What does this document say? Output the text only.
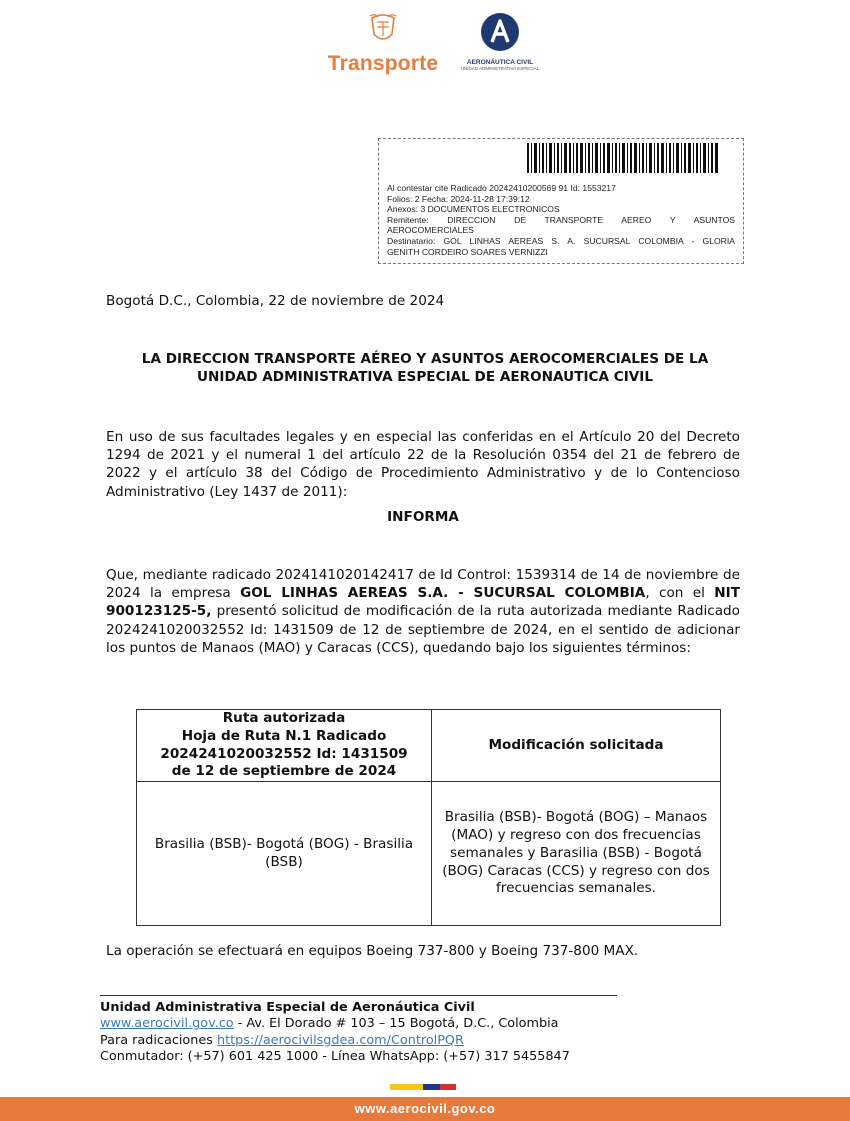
Transporte	AERONÁUTICA CIVIL
UNIDAD ADMINISTRATIVA ESPECIAL
Al contestar cite Radicado 20242410200569 91 Id: 1553217
Folios: 2 Fecha: 2024-11-28 17:39:12
Anexos: 3 DOCUMENTOS ELECTRONICOS
Remitente: DIRECCION DE TRANSPORTE AEREO Y ASUNTOS
AEROCOMERCIALES
Destinatario: GOL LINHAS AEREAS S. A. SUCURSAL COLOMBIA - GLORIA
GENITH CORDEIRO SOARES VERNIZZI
Bogotá D.C., Colombia, 22 de noviembre de 2024
LA DIRECCION TRANSPORTE AÉREO Y ASUNTOS AEROCOMERCIALES DE LA
UNIDAD ADMINISTRATIVA ESPECIAL DE AERONAUTICA CIVIL
En uso de sus facultades legales y en especial las conferidas en el Artículo 20 del Decreto 1294 de 2021 y el numeral 1 del artículo 22 de la Resolución 0354 del 21 de febrero de 2022 y el artículo 38 del Código de Procedimiento Administrativo y de lo Contencioso Administrativo (Ley 1437 de 2011):
INFORMA
Que, mediante radicado 2024141020142417 de Id Control: 1539314 de 14 de noviembre de 2024 la empresa GOL LINHAS AEREAS S.A. - SUCURSAL COLOMBIA, con el NIT 900123125-5, presentó solicitud de modificación de la ruta autorizada mediante Radicado 2024241020032552 Id: 1431509 de 12 de septiembre de 2024, en el sentido de adicionar los puntos de Manaos (MAO) y Caracas (CCS), quedando bajo los siguientes términos:
Ruta autorizada
Hoja de Ruta N.1 Radicado
2024241020032552 Id: 1431509
de 12 de septiembre de 2024	Modificación solicitada
Brasilia (BSB)- Bogotá (BOG) - Brasilia (BSB)	Brasilia (BSB)- Bogotá (BOG) – Manaos (MAO) y regreso con dos frecuencias semanales y Barasilia (BSB) - Bogotá (BOG) Caracas (CCS) y regreso con dos frecuencias semanales.
La operación se efectuará en equipos Boeing 737-800 y Boeing 737-800 MAX.
Unidad Administrativa Especial de Aeronáutica Civil
www.aerocivil.gov.co - Av. El Dorado # 103 – 15 Bogotá, D.C., Colombia
Para radicaciones https://aerocivilsgdea.com/ControlPQR
Conmutador: (+57) 601 425 1000 - Línea WhatsApp: (+57) 317 5455847
www.aerocivil.gov.co
